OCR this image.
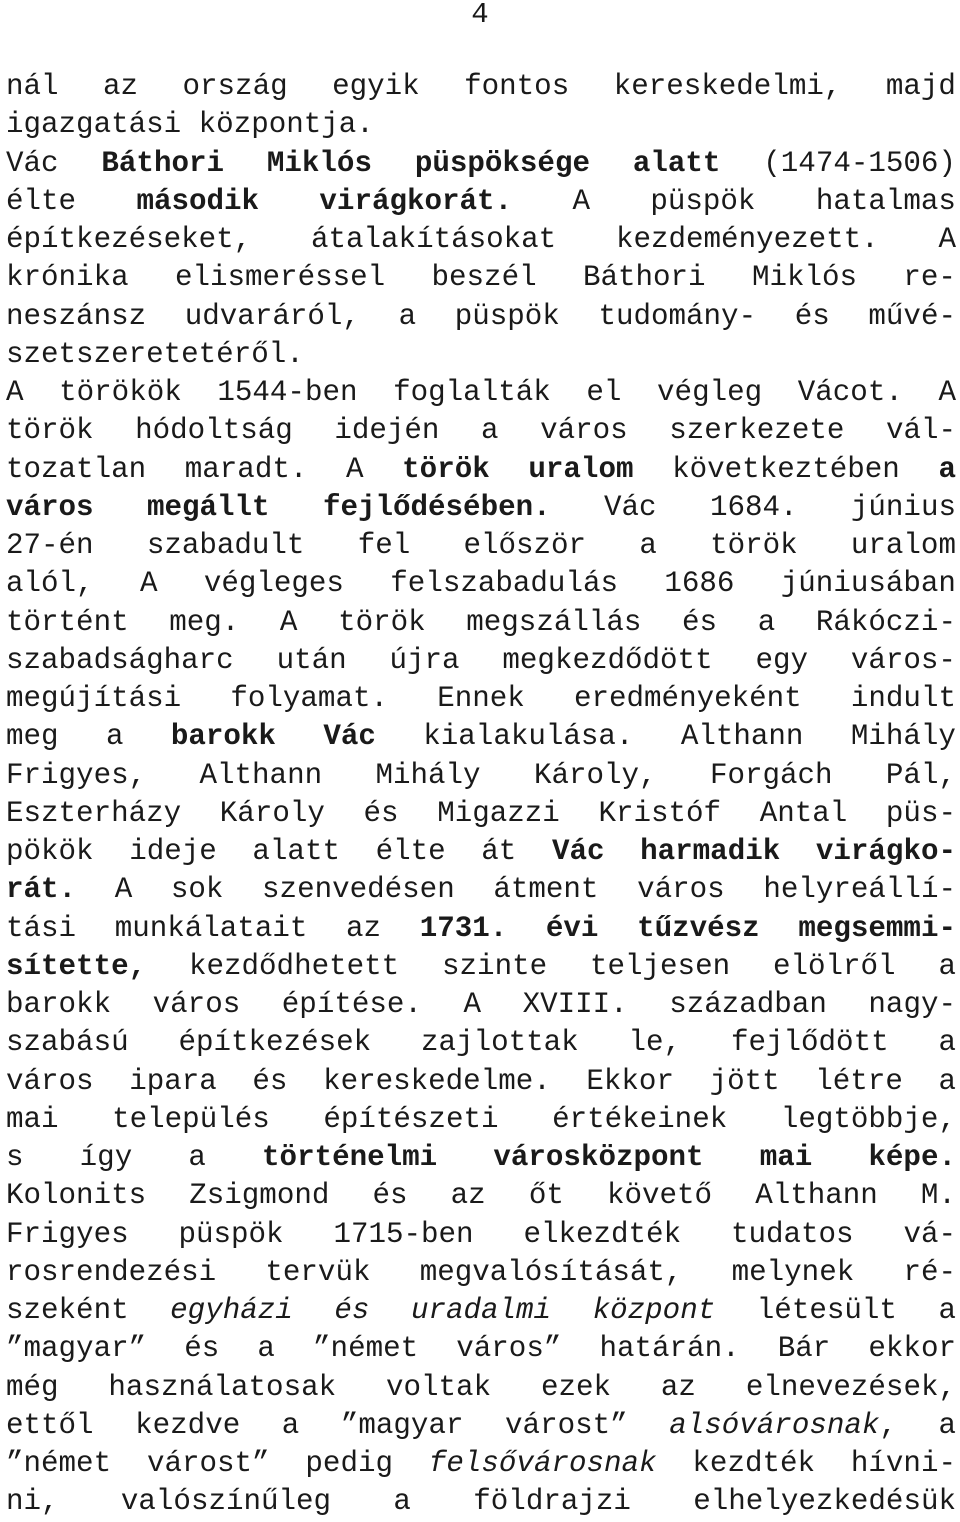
4
nál az ország egyik fontos kereskedelmi, majd
igazgatási központja.
Vác Báthori Miklós püspöksége alatt (1474-1506)
élte második virágkorát. A püspök hatalmas
építkezéseket, átalakításokat kezdeményezett. A
krónika elismeréssel beszél Báthori Miklós re-
neszánsz udvaráról, a püspök tudomány- és művé-
szetszeretetéről.
A törökök 1544-ben foglalták el végleg Vácot. A
török hódoltság idején a város szerkezete vál-
tozatlan maradt. A török uralom következtében a
város megállt fejlődésében. Vác 1684. június
27-én szabadult fel először a török uralom
alól, A végleges felszabadulás 1686 júniusában
történt meg. A török megszállás és a Rákóczi-
szabadságharc után újra megkezdődött egy város-
megújítási folyamat. Ennek eredményeként indult
meg a barokk Vác kialakulása. Althann Mihály
Frigyes, Althann Mihály Károly, Forgách Pál,
Eszterházy Károly és Migazzi Kristóf Antal püs-
pökök ideje alatt élte át Vác harmadik virágko-
rát. A sok szenvedésen átment város helyreállí-
tási munkálatait az 1731. évi tűzvész megsemmi-
sítette, kezdődhetett szinte teljesen elölről a
barokk város építése. A XVIII. században nagy-
szabású építkezések zajlottak le, fejlődött a
város ipara és kereskedelme. Ekkor jött létre a
mai település építészeti értékeinek legtöbbje,
s így a történelmi városközpont mai képe.
Kolonits Zsigmond és az őt követő Althann M.
Frigyes püspök 1715-ben elkezdték tudatos vá-
rosrendezési tervük megvalósítását, melynek ré-
szeként egyházi és uradalmi központ létesült a
”magyar” és a ”német város” határán. Bár ekkor
még használatosak voltak ezek az elnevezések,
ettől kezdve a ”magyar várost” alsóvárosnak, a
”német várost” pedig felsővárosnak kezdték hívni-
ni, valószínűleg a földrajzi elhelyezkedésük
